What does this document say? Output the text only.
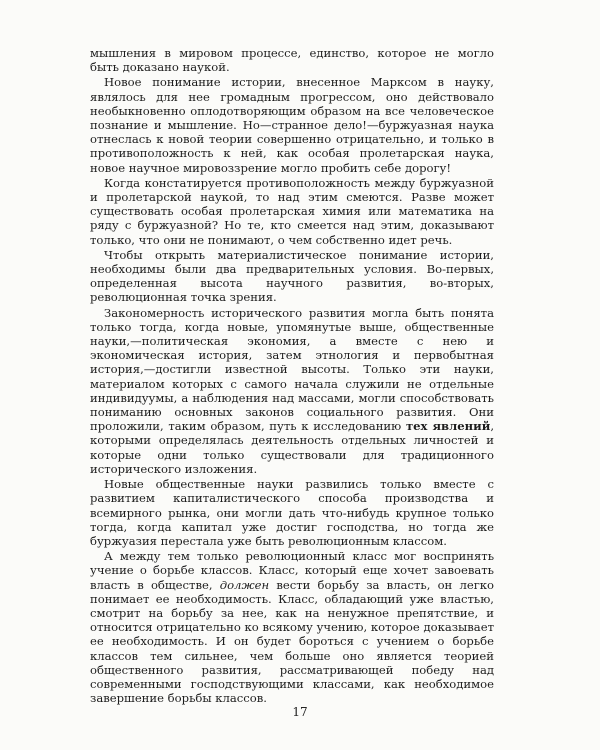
мышления в мировом процессе, единство, которое не могло быть доказано наукой.

Новое понимание истории, внесенное Марксом в науку, являлось для нее громадным прогрессом, оно действовало необыкновенно оплодотворяющим образом на все человеческое познание и мышление. Но—странное дело!—буржуазная наука отнеслась к новой теории совершенно отрицательно, и только в противоположность к ней, как особая пролетарская наука, новое научное мировоззрение могло пробить себе дорогу!

Когда констатируется противоположность между буржуазной и пролетарской наукой, то над этим смеются. Разве может существовать особая пролетарская химия или математика на ряду с буржуазной? Но те, кто смеется над этим, доказывают только, что они не понимают, о чем собственно идет речь.

Чтобы открыть материалистическое понимание истории, необходимы были два предварительных условия. Во-первых, определенная высота научного развития, во-вторых, революционная точка зрения.

Закономерность исторического развития могла быть понята только тогда, когда новые, упомянутые выше, общественные науки,—политическая экономия, а вместе с нею и экономическая история, затем этнология и первобытная история,—достигли известной высоты. Только эти науки, материалом которых с самого начала служили не отдельные индивидуумы, а наблюдения над массами, могли способствовать пониманию основных законов социального развития. Они проложили, таким образом, путь к исследованию тех явлений, которыми определялась деятельность отдельных личностей и которые одни только существовали для традиционного исторического изложения.

Новые общественные науки развились только вместе с развитием капиталистического способа производства и всемирного рынка, они могли дать что-нибудь крупное только тогда, когда капитал уже достиг господства, но тогда же буржуазия перестала уже быть революционным классом.

А между тем только революционный класс мог воспринять учение о борьбе классов. Класс, который еще хочет завоевать власть в обществе, должен вести борьбу за власть, он легко понимает ее необходимость. Класс, обладающий уже властью, смотрит на борьбу за нее, как на ненужное препятствие, и относится отрицательно ко всякому учению, которое доказывает ее необходимость. И он будет бороться с учением о борьбе классов тем сильнее, чем больше оно является теорией общественного развития, рассматривающей победу над современными господствующими классами, как необходимое завершение борьбы классов.

17
